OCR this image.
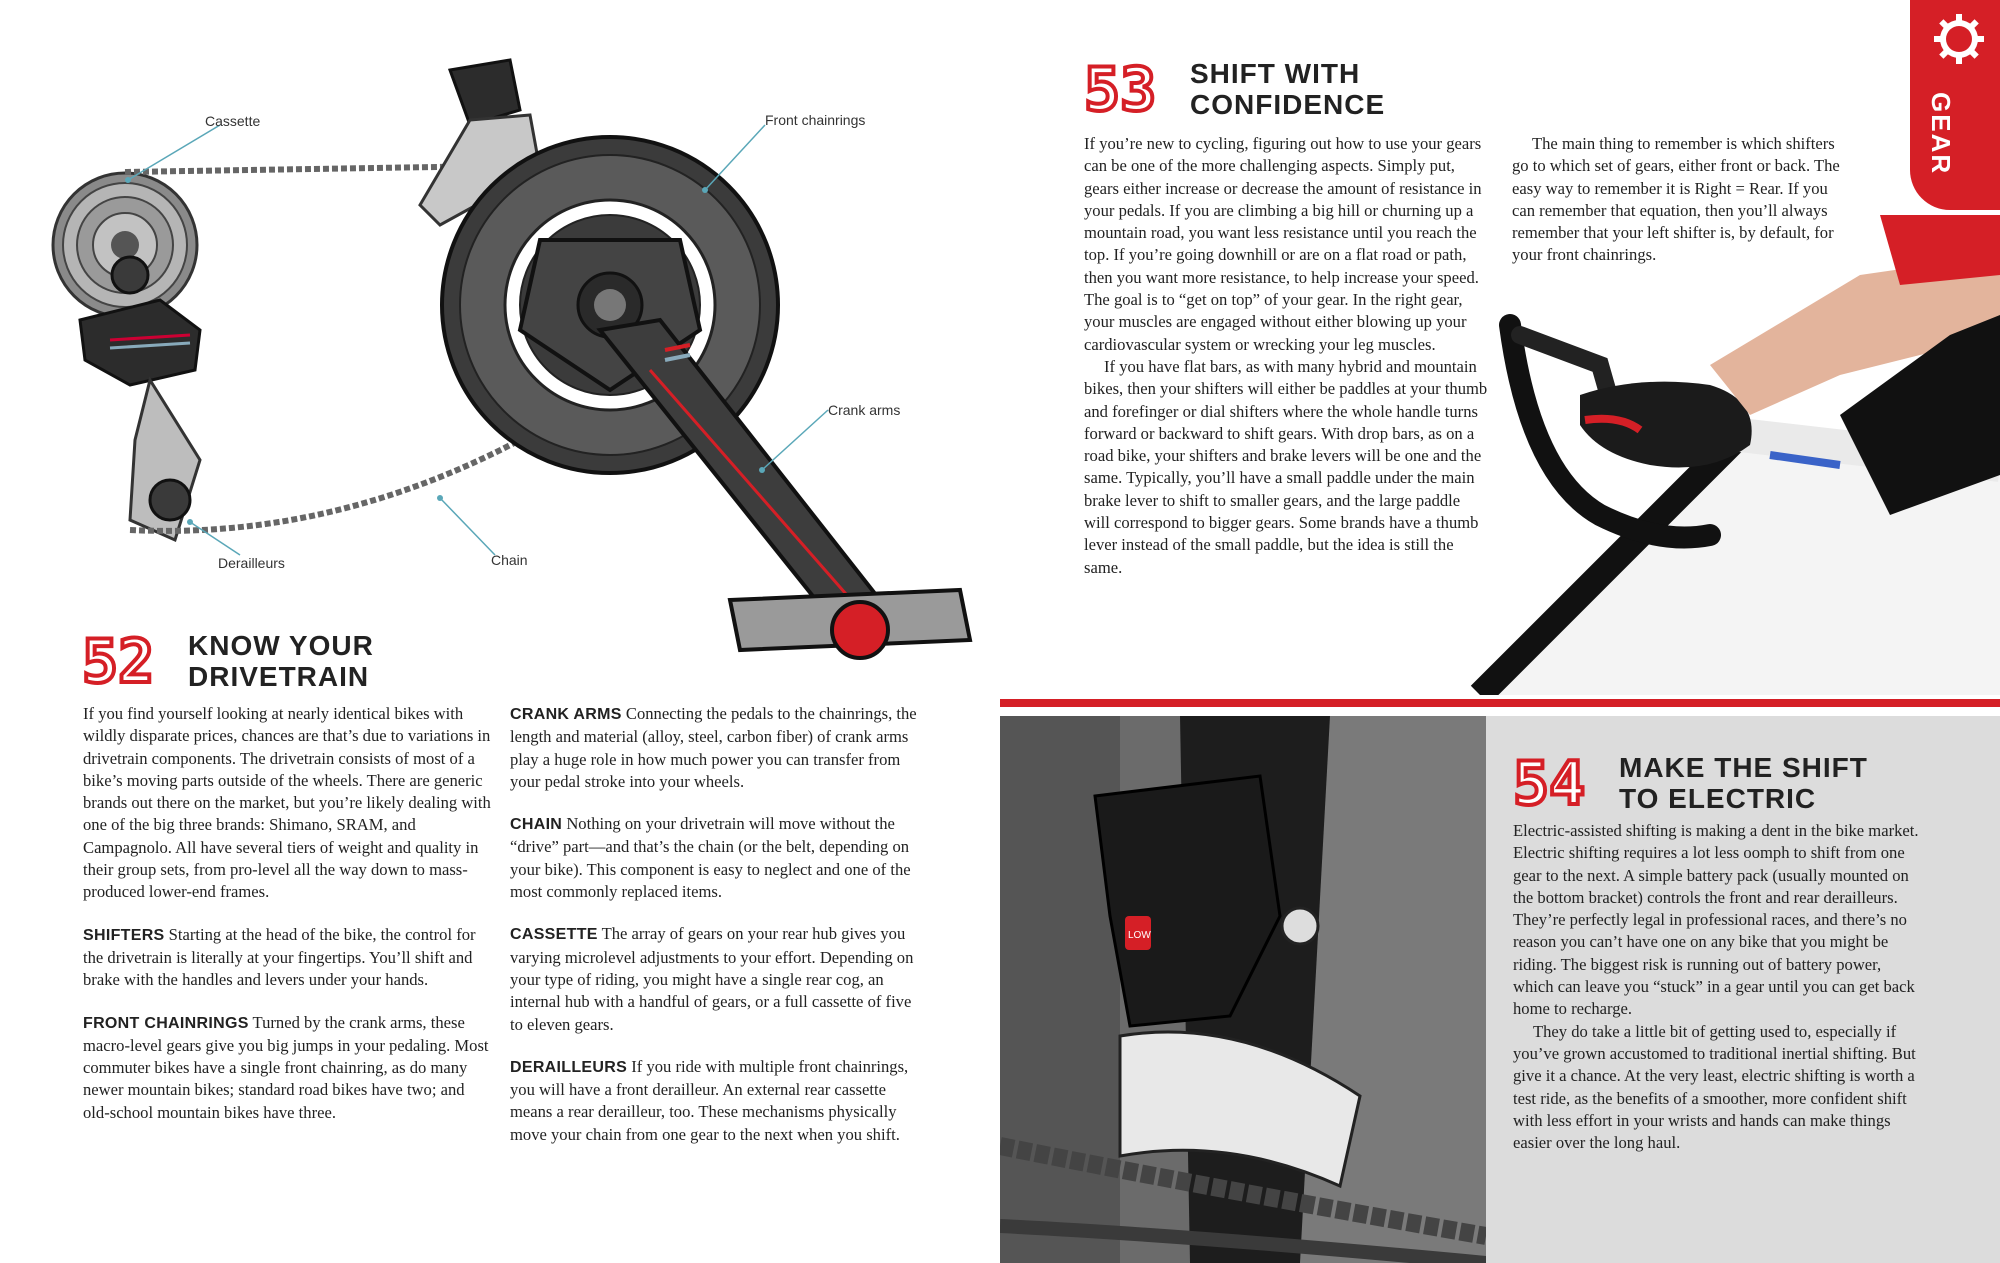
GEAR
Cassette	Front chainrings
Crank arms
Derailleurs	Chain
52 KNOW YOUR
DRIVETRAIN

If you find yourself looking at nearly identical bikes with wildly disparate prices, chances are that’s due to variations in drivetrain components. The drivetrain consists of most of a bike’s moving parts outside of the wheels. There are generic brands out there on the market, but you’re likely dealing with one of the big three brands: Shimano, SRAM, and Campagnolo. All have several tiers of weight and quality in their group sets, from pro-level all the way down to mass-produced lower-end frames.

SHIFTERS Starting at the head of the bike, the control for the drivetrain is literally at your fingertips. You’ll shift and brake with the handles and levers under your hands.

FRONT CHAINRINGS Turned by the crank arms, these macro-level gears give you big jumps in your pedaling. Most commuter bikes have a single front chainring, as do many newer mountain bikes; standard road bikes have two; and old-school mountain bikes have three.

CRANK ARMS Connecting the pedals to the chainrings, the length and material (alloy, steel, carbon fiber) of crank arms play a huge role in how much power you can transfer from your pedal stroke into your wheels.

CHAIN Nothing on your drivetrain will move without the “drive” part—and that’s the chain (or the belt, depending on your bike). This component is easy to neglect and one of the most commonly replaced items.

CASSETTE The array of gears on your rear hub gives you varying microlevel adjustments to your effort. Depending on your type of riding, you might have a single rear cog, an internal hub with a handful of gears, or a full cassette of five to eleven gears.

DERAILLEURS If you ride with multiple front chainrings, you will have a front derailleur. An external rear cassette means a rear derailleur, too. These mechanisms physically move your chain from one gear to the next when you shift.

53 SHIFT WITH
CONFIDENCE

If you’re new to cycling, figuring out how to use your gears can be one of the more challenging aspects. Simply put, gears either increase or decrease the amount of resistance in your pedals. If you are climbing a big hill or churning up a mountain road, you want less resistance until you reach the top. If you’re going downhill or are on a flat road or path, then you want more resistance, to help increase your speed. The goal is to “get on top” of your gear. In the right gear, your muscles are engaged without either blowing up your cardiovascular system or wrecking your leg muscles.

If you have flat bars, as with many hybrid and mountain bikes, then your shifters will either be paddles at your thumb and forefinger or dial shifters where the whole handle turns forward or backward to shift gears. With drop bars, as on a road bike, your shifters and brake levers will be one and the same. Typically, you’ll have a small paddle under the main brake lever to shift to smaller gears, and the large paddle will correspond to bigger gears. Some brands have a thumb lever instead of the small paddle, but the idea is still the same.

The main thing to remember is which shifters go to which set of gears, either front or back. The easy way to remember it is Right = Rear. If you can remember that equation, then you’ll always remember that your left shifter is, by default, for your front chainrings.

LOW
54 MAKE THE SHIFT
TO ELECTRIC

Electric-assisted shifting is making a dent in the bike market. Electric shifting requires a lot less oomph to shift from one gear to the next. A simple battery pack (usually mounted on the bottom bracket) controls the front and rear derailleurs. They’re perfectly legal in professional races, and there’s no reason you can’t have one on any bike that you might be riding. The biggest risk is running out of battery power, which can leave you “stuck” in a gear until you can get back home to recharge.

They do take a little bit of getting used to, especially if you’ve grown accustomed to traditional inertial shifting. But give it a chance. At the very least, electric shifting is worth a test ride, as the benefits of a smoother, more confident shift with less effort in your wrists and hands can make things easier over the long haul.
